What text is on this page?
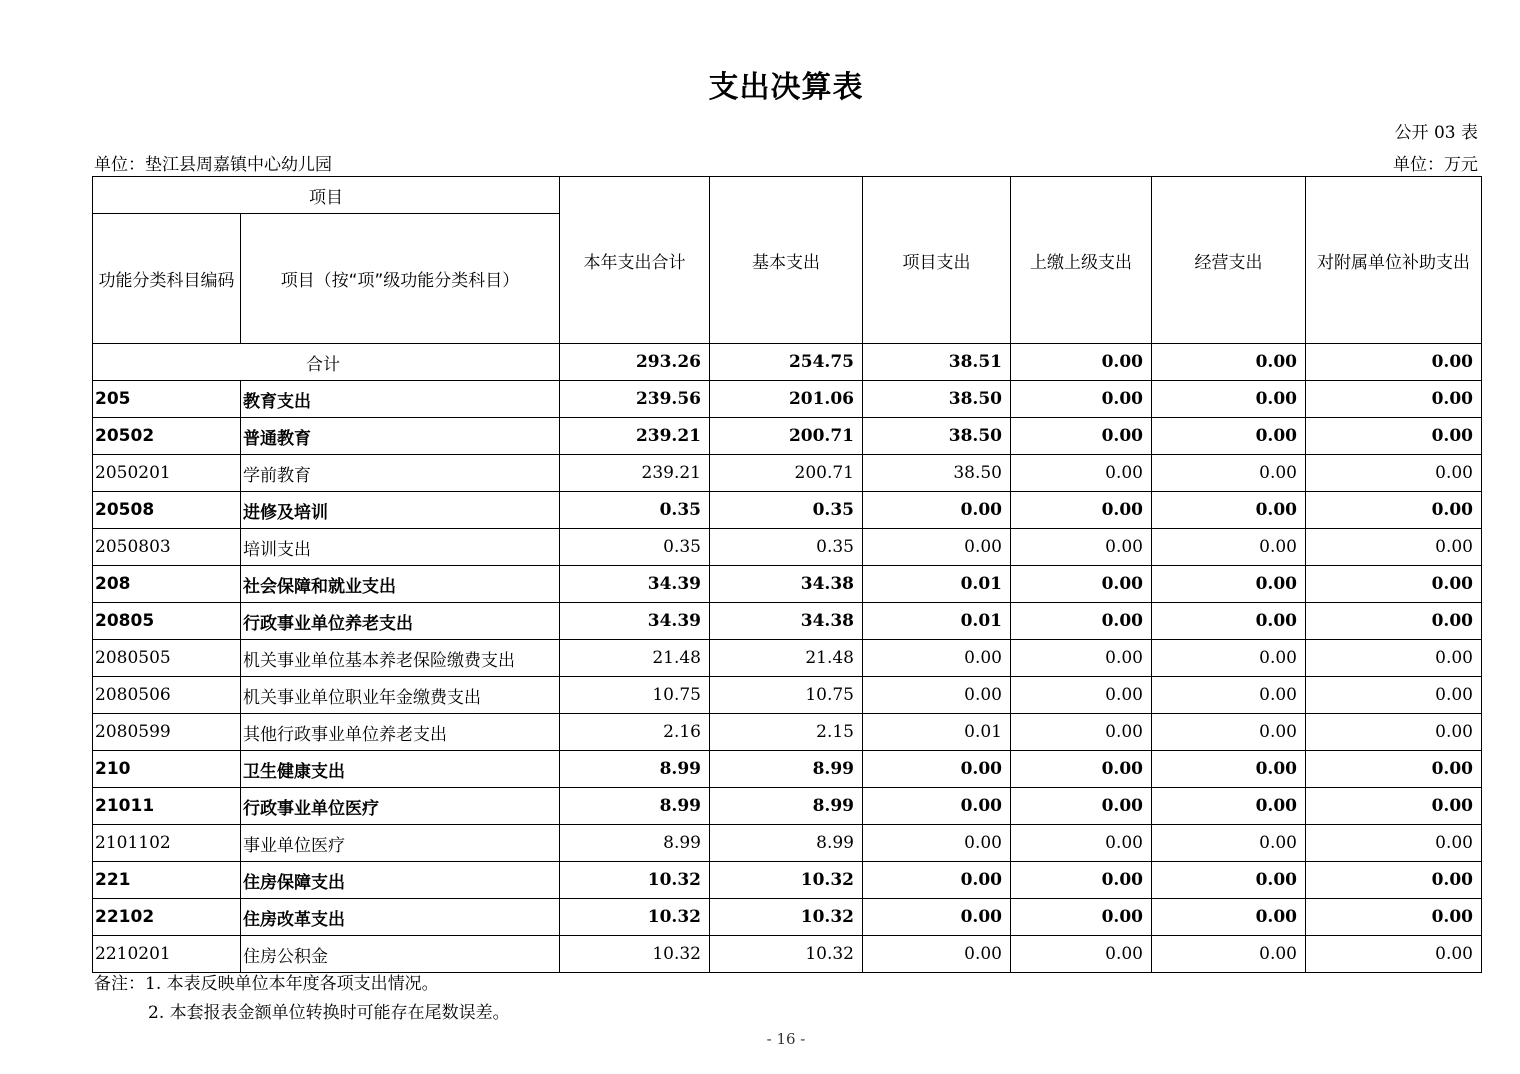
支出决算表
公开 03 表
单位：垫江县周嘉镇中心幼儿园	单位：万元
项目		本年支出合计	基本支出	项目支出	上缴上级支出	经营支出	对附属单位补助支出
功能分类科目编码	项目（按“项”级功能分类科目）						
合计		293.26	254.75	38.51	0.00	0.00	0.00
205	教育支出	239.56	201.06	38.50	0.00	0.00	0.00
20502	普通教育	239.21	200.71	38.50	0.00	0.00	0.00
2050201	学前教育	239.21	200.71	38.50	0.00	0.00	0.00
20508	进修及培训	0.35	0.35	0.00	0.00	0.00	0.00
2050803	培训支出	0.35	0.35	0.00	0.00	0.00	0.00
208	社会保障和就业支出	34.39	34.38	0.01	0.00	0.00	0.00
20805	行政事业单位养老支出	34.39	34.38	0.01	0.00	0.00	0.00
2080505	机关事业单位基本养老保险缴费支出	21.48	21.48	0.00	0.00	0.00	0.00
2080506	机关事业单位职业年金缴费支出	10.75	10.75	0.00	0.00	0.00	0.00
2080599	其他行政事业单位养老支出	2.16	2.15	0.01	0.00	0.00	0.00
210	卫生健康支出	8.99	8.99	0.00	0.00	0.00	0.00
21011	行政事业单位医疗	8.99	8.99	0.00	0.00	0.00	0.00
2101102	事业单位医疗	8.99	8.99	0.00	0.00	0.00	0.00
221	住房保障支出	10.32	10.32	0.00	0.00	0.00	0.00
22102	住房改革支出	10.32	10.32	0.00	0.00	0.00	0.00
2210201	住房公积金	10.32	10.32	0.00	0.00	0.00	0.00
备注：1. 本表反映单位本年度各项支出情况。
2. 本套报表金额单位转换时可能存在尾数误差。
- 16 -
